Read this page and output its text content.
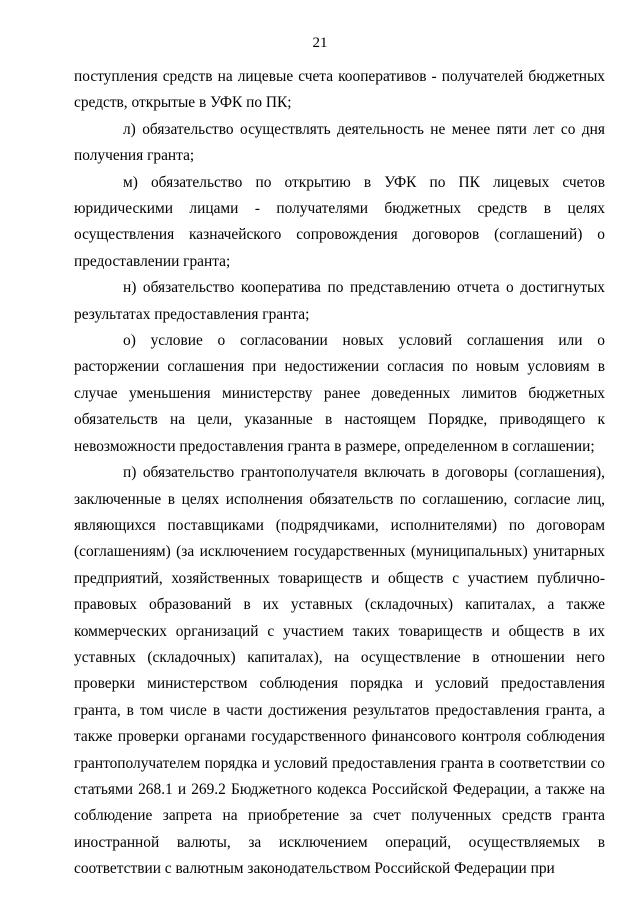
21

поступления средств на лицевые счета кооперативов - получателей бюджетных средств, открытые в УФК по ПК;

л) обязательство осуществлять деятельность не менее пяти лет со дня получения гранта;

м) обязательство по открытию в УФК по ПК лицевых счетов юридическими лицами - получателями бюджетных средств в целях осуществления казначейского сопровождения договоров (соглашений) о предоставлении гранта;

н) обязательство кооператива по представлению отчета о достигнутых результатах предоставления гранта;

о) условие о согласовании новых условий соглашения или о расторжении соглашения при недостижении согласия по новым условиям в случае уменьшения министерству ранее доведенных лимитов бюджетных обязательств на цели, указанные в настоящем Порядке, приводящего к невозможности предоставления гранта в размере, определенном в соглашении;

п) обязательство грантополучателя включать в договоры (соглашения), заключенные в целях исполнения обязательств по соглашению, согласие лиц, являющихся поставщиками (подрядчиками, исполнителями) по договорам (соглашениям) (за исключением государственных (муниципальных) унитарных предприятий, хозяйственных товариществ и обществ с участием публично-правовых образований в их уставных (складочных) капиталах, а также коммерческих организаций с участием таких товариществ и обществ в их уставных (складочных) капиталах), на осуществление в отношении него проверки министерством соблюдения порядка и условий предоставления гранта, в том числе в части достижения результатов предоставления гранта, а также проверки органами государственного финансового контроля соблюдения грантополучателем порядка и условий предоставления гранта в соответствии со статьями 268.1 и 269.2 Бюджетного кодекса Российской Федерации, а также на соблюдение запрета на приобретение за счет полученных средств гранта иностранной валюты, за исключением операций, осуществляемых в соответствии с валютным законодательством Российской Федерации при
